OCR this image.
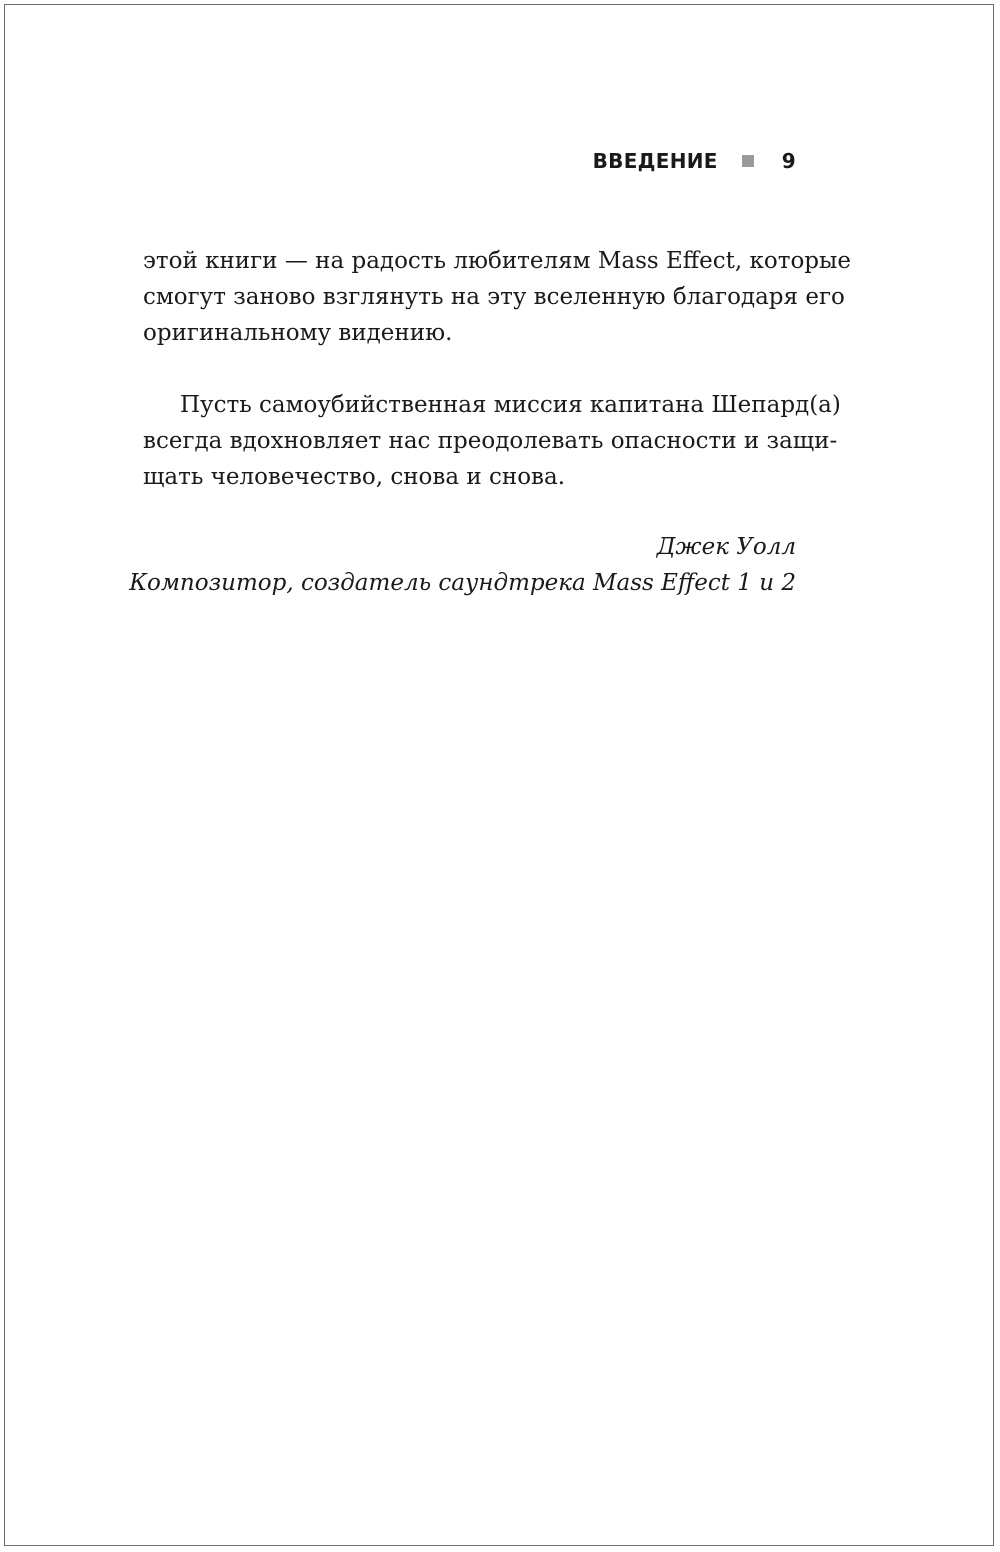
ВВЕДЕНИЕ	9
этой книги — на радость любителям Mass Effect, которые
смогут заново взглянуть на эту вселенную благодаря его
оригинальному видению.
Пусть самоубийственная миссия капитана Шепард(а)
всегда вдохновляет нас преодолевать опасности и защи-
щать человечество, снова и снова.
Джек Уолл
Композитор, создатель саундтрека Mass Effect 1 и 2
